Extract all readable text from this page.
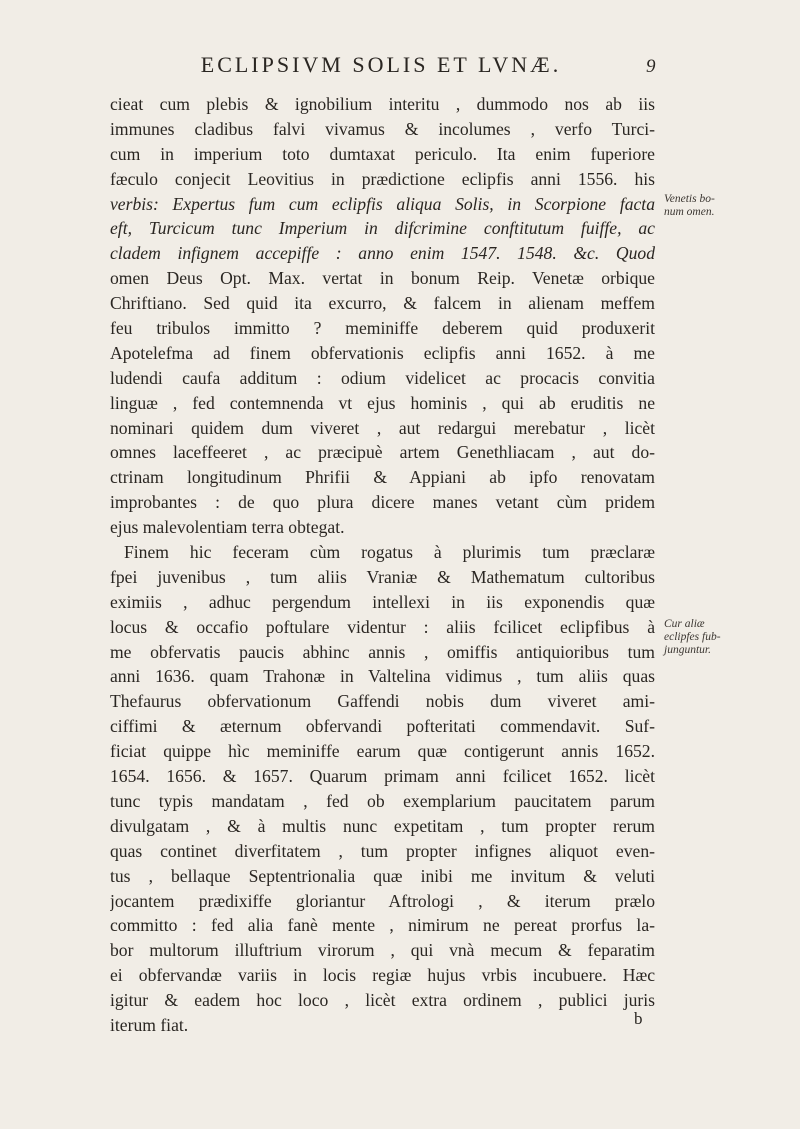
ECLIPSIVM SOLIS ET LVNÆ.	9
cieat cum plebis & ignobilium interitu , dummodo nos ab iis
immunes cladibus falvi vivamus & incolumes , verfo Turci-
cum in imperium toto dumtaxat periculo. Ita enim fuperiore
fæculo conjecit Leovitius in prædictione eclipfis anni 1556. his
verbis: Expertus fum cum eclipfis aliqua Solis, in Scorpione facta
eft, Turcicum tunc Imperium in difcrimine conftitutum fuiffe, ac
cladem infignem accepiffe : anno enim 1547. 1548. &c. Quod
omen Deus Opt. Max. vertat in bonum Reip. Venetæ orbique
Chriftiano. Sed quid ita excurro, & falcem in alienam meffem
feu tribulos immitto ? meminiffe deberem quid produxerit
Apotelefma ad finem obfervationis eclipfis anni 1652. à me
ludendi caufa additum : odium videlicet ac procacis convitia
linguæ , fed contemnenda vt ejus hominis , qui ab eruditis ne
nominari quidem dum viveret , aut redargui merebatur , licèt
omnes laceffeeret , ac præcipuè artem Genethliacam , aut do-
ctrinam longitudinum Phrifii & Appiani ab ipfo renovatam
improbantes : de quo plura dicere manes vetant cùm pridem
ejus malevolentiam terra obtegat.
Finem hic feceram cùm rogatus à plurimis tum præclaræ
fpei juvenibus , tum aliis Vraniæ & Mathematum cultoribus
eximiis , adhuc pergendum intellexi in iis exponendis quæ
locus & occafio poftulare videntur : aliis fcilicet eclipfibus à
me obfervatis paucis abhinc annis , omiffis antiquioribus tum
anni 1636. quam Trahonæ in Valtelina vidimus , tum aliis quas
Thefaurus obfervationum Gaffendi nobis dum viveret ami-
ciffimi & æternum obfervandi pofteritati commendavit. Suf-
ficiat quippe hìc meminiffe earum quæ contigerunt annis 1652.
1654. 1656. & 1657. Quarum primam anni fcilicet 1652. licèt
tunc typis mandatam , fed ob exemplarium paucitatem parum
divulgatam , & à multis nunc expetitam , tum propter rerum
quas continet diverfitatem , tum propter infignes aliquot even-
tus , bellaque Septentrionalia quæ inibi me invitum & veluti
jocantem prædixiffe gloriantur Aftrologi , & iterum prælo
committo : fed alia fanè mente , nimirum ne pereat prorfus la-
bor multorum illuftrium virorum , qui vnà mecum & feparatim
ei obfervandæ variis in locis regiæ hujus vrbis incubuere. Hæc
igitur & eadem hoc loco , licèt extra ordinem , publici juris
iterum fiat.
Venetis bo-
num omen.
Cur aliæ
eclipfes fub-
junguntur.
b
